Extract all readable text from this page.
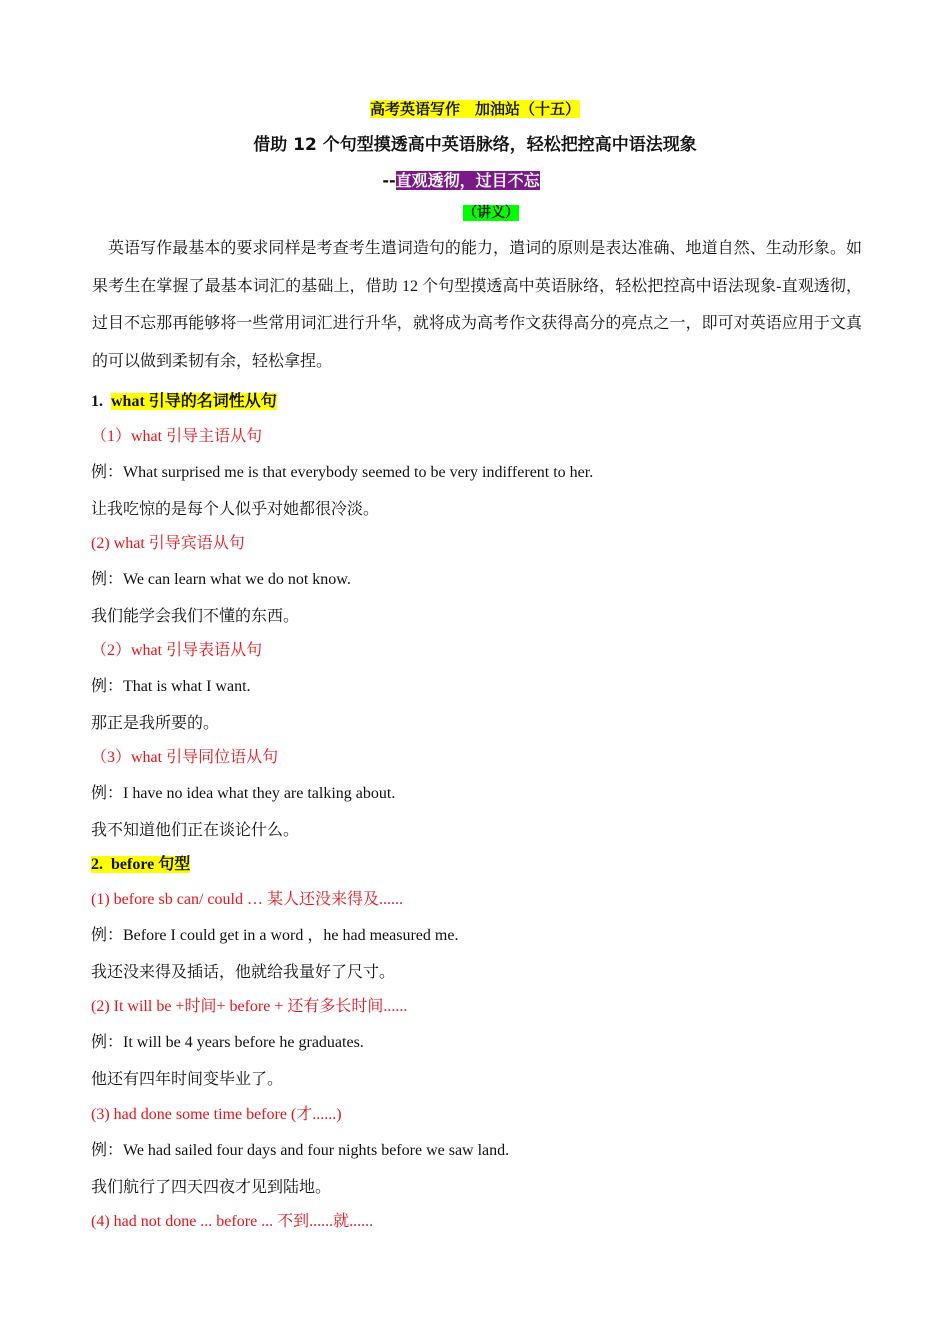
高考英语写作　加油站（十五）
借助 12 个句型摸透高中英语脉络，轻松把控高中语法现象
--直观透彻，过目不忘
（讲义）
英语写作最基本的要求同样是考查考生遣词造句的能力，遣词的原则是表达准确、地道自然、生动形象。如果考生在掌握了最基本词汇的基础上，借助 12 个句型摸透高中英语脉络，轻松把控高中语法现象-直观透彻，过目不忘那再能够将一些常用词汇进行升华，就将成为高考作文获得高分的亮点之一，即可对英语应用于文真的可以做到柔韧有余，轻松拿捏。
1. what 引导的名词性从句
（1）what 引导主语从句
例：What surprised me is that everybody seemed to be very indifferent to her.
让我吃惊的是每个人似乎对她都很冷淡。
(2) what 引导宾语从句
例：We can learn what we do not know.
我们能学会我们不懂的东西。
（2）what 引导表语从句
例：That is what I want.
那正是我所要的。
（3）what 引导同位语从句
例：I have no idea what they are talking about.
我不知道他们正在谈论什么。
2. before 句型
(1) before sb can/ could … 某人还没来得及......
例：Before I could get in a word ，he had measured me.
我还没来得及插话，他就给我量好了尺寸。
(2) It will be +时间+ before + 还有多长时间......
例：It will be 4 years before he graduates.
他还有四年时间变毕业了。
(3) had done some time before (才......)
例：We had sailed four days and four nights before we saw land.
我们航行了四天四夜才见到陆地。
(4) had not done ... before ... 不到......就......
